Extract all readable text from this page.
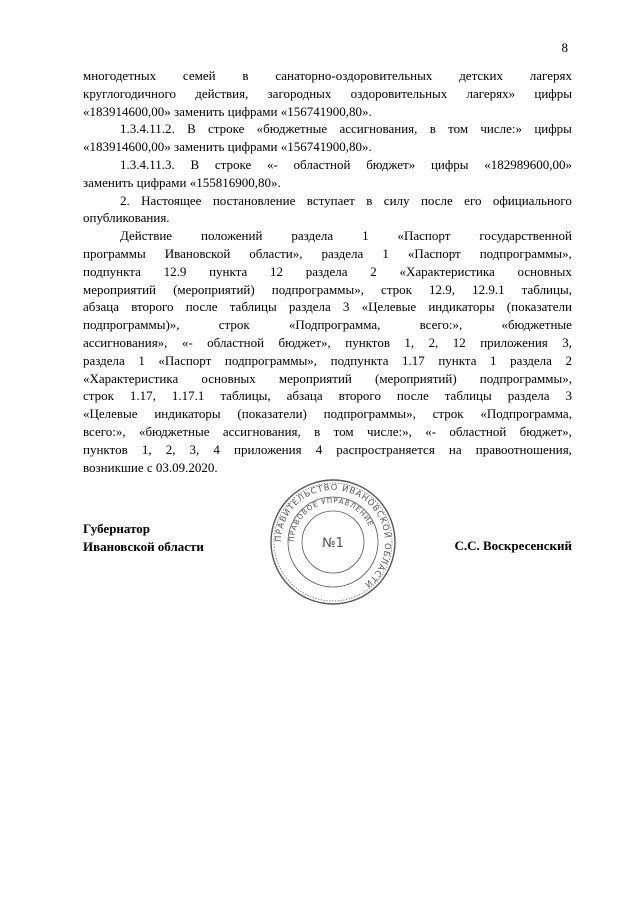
8
многодетных семей в санаторно-оздоровительных детских лагерях
круглогодичного действия, загородных оздоровительных лагерях» цифры
«183914600,00» заменить цифрами «156741900,80».
1.3.4.11.2. В строке «бюджетные ассигнования, в том числе:» цифры
«183914600,00» заменить цифрами «156741900,80».
1.3.4.11.3. В строке «- областной бюджет» цифры «182989600,00»
заменить цифрами «155816900,80».
2. Настоящее постановление вступает в силу после его официального
опубликования.
Действие положений раздела 1 «Паспорт государственной
программы Ивановской области», раздела 1 «Паспорт подпрограммы»,
подпункта 12.9 пункта 12 раздела 2 «Характеристика основных
мероприятий (мероприятий) подпрограммы», строк 12.9, 12.9.1 таблицы,
абзаца второго после таблицы раздела 3 «Целевые индикаторы (показатели
подпрограммы)»,	строк	«Подпрограмма,	всего:»,	«бюджетные
ассигнования», «- областной бюджет», пунктов 1, 2, 12 приложения 3,
раздела 1 «Паспорт подпрограммы», подпункта 1.17 пункта 1 раздела 2
«Характеристика основных мероприятий (мероприятий) подпрограммы»,
строк 1.17, 1.17.1 таблицы, абзаца второго после таблицы раздела 3
«Целевые индикаторы (показатели) подпрограммы», строк «Подпрограмма,
всего:», «бюджетные ассигнования, в том числе:», «- областной бюджет»,
пунктов 1, 2, 3, 4 приложения 4 распространяется на правоотношения,
возникшие с 03.09.2020.
Губернатор
Ивановской области	С.С. Воскресенский
ПРАВИТЕЛЬСТВО ИВАНОВСКОЙ ОБЛАСТИ
ПРАВОВОЕ УПРАВЛЕНИЕ
№1
